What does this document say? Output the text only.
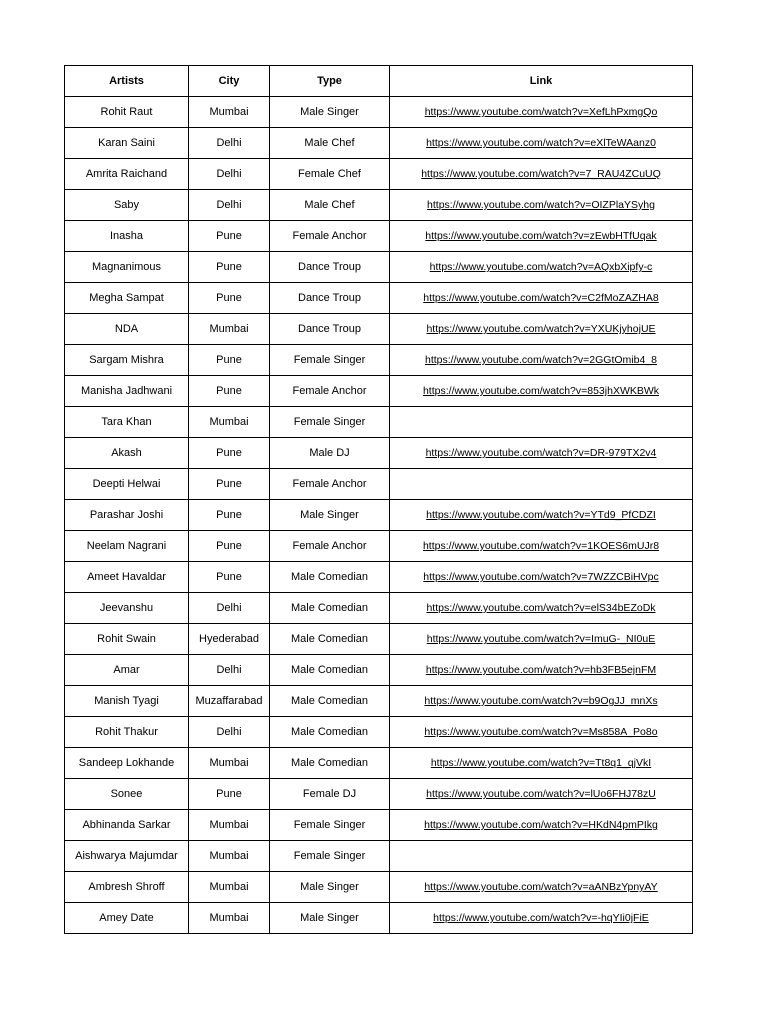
Artists	City	Type	Link
Rohit Raut	Mumbai	Male Singer	https://www.youtube.com/watch?v=XefLhPxmgQo
Karan Saini	Delhi	Male Chef	https://www.youtube.com/watch?v=eXlTeWAanz0
Amrita Raichand	Delhi	Female Chef	https://www.youtube.com/watch?v=7_RAU4ZCuUQ
Saby	Delhi	Male Chef	https://www.youtube.com/watch?v=OIZPlaYSyhg
Inasha	Pune	Female Anchor	https://www.youtube.com/watch?v=zEwbHTfUqak
Magnanimous	Pune	Dance Troup	https://www.youtube.com/watch?v=AQxbXipfy-c
Megha Sampat	Pune	Dance Troup	https://www.youtube.com/watch?v=C2fMoZAZHA8
NDA	Mumbai	Dance Troup	https://www.youtube.com/watch?v=YXUKjyhojUE
Sargam Mishra	Pune	Female Singer	https://www.youtube.com/watch?v=2GGtOmib4_8
Manisha Jadhwani	Pune	Female Anchor	https://www.youtube.com/watch?v=853jhXWKBWk
Tara Khan	Mumbai	Female Singer	
Akash	Pune	Male DJ	https://www.youtube.com/watch?v=DR-979TX2v4
Deepti Helwai	Pune	Female Anchor	
Parashar Joshi	Pune	Male Singer	https://www.youtube.com/watch?v=YTd9_PfCDZI
Neelam Nagrani	Pune	Female Anchor	https://www.youtube.com/watch?v=1KOES6mUJr8
Ameet Havaldar	Pune	Male Comedian	https://www.youtube.com/watch?v=7WZZCBiHVpc
Jeevanshu	Delhi	Male Comedian	https://www.youtube.com/watch?v=elS34bEZoDk
Rohit Swain	Hyederabad	Male Comedian	https://www.youtube.com/watch?v=ImuG-_NI0uE
Amar	Delhi	Male Comedian	https://www.youtube.com/watch?v=hb3FB5ejnFM
Manish Tyagi	Muzaffarabad	Male Comedian	https://www.youtube.com/watch?v=b9OgJJ_mnXs
Rohit Thakur	Delhi	Male Comedian	https://www.youtube.com/watch?v=Ms858A_Po8o
Sandeep Lokhande	Mumbai	Male Comedian	https://www.youtube.com/watch?v=Tt8q1_qjVkI
Sonee	Pune	Female DJ	https://www.youtube.com/watch?v=lUo6FHJ78zU
Abhinanda Sarkar	Mumbai	Female Singer	https://www.youtube.com/watch?v=HKdN4pmPIkg
Aishwarya Majumdar	Mumbai	Female Singer	
Ambresh Shroff	Mumbai	Male Singer	https://www.youtube.com/watch?v=aANBzYpnyAY
Amey Date	Mumbai	Male Singer	https://www.youtube.com/watch?v=-hqYIi0jFiE
